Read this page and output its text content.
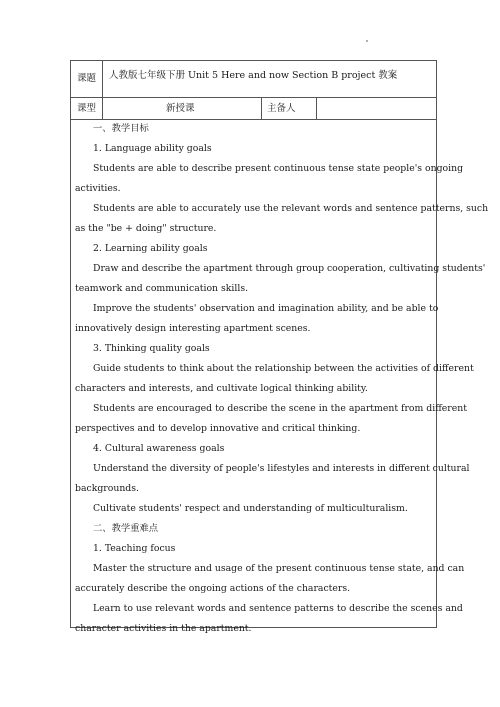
课题 人教版七年级下册 Unit 5 Here and now Section B project 教案
课型	新授课	主备人
一、教学目标
1. Language ability goals
Students are able to describe present continuous tense state people's ongoing
activities.
Students are able to accurately use the relevant words and sentence patterns, such
as the "be + doing" structure.
2. Learning ability goals
Draw and describe the apartment through group cooperation, cultivating students'
teamwork and communication skills.
Improve the students' observation and imagination ability, and be able to
innovatively design interesting apartment scenes.
3. Thinking quality goals
Guide students to think about the relationship between the activities of different
characters and interests, and cultivate logical thinking ability.
Students are encouraged to describe the scene in the apartment from different
perspectives and to develop innovative and critical thinking.
4. Cultural awareness goals
Understand the diversity of people's lifestyles and interests in different cultural
backgrounds.
Cultivate students' respect and understanding of multiculturalism.
二、教学重难点
1. Teaching focus
Master the structure and usage of the present continuous tense state, and can
accurately describe the ongoing actions of the characters.
Learn to use relevant words and sentence patterns to describe the scenes and
character activities in the apartment.
